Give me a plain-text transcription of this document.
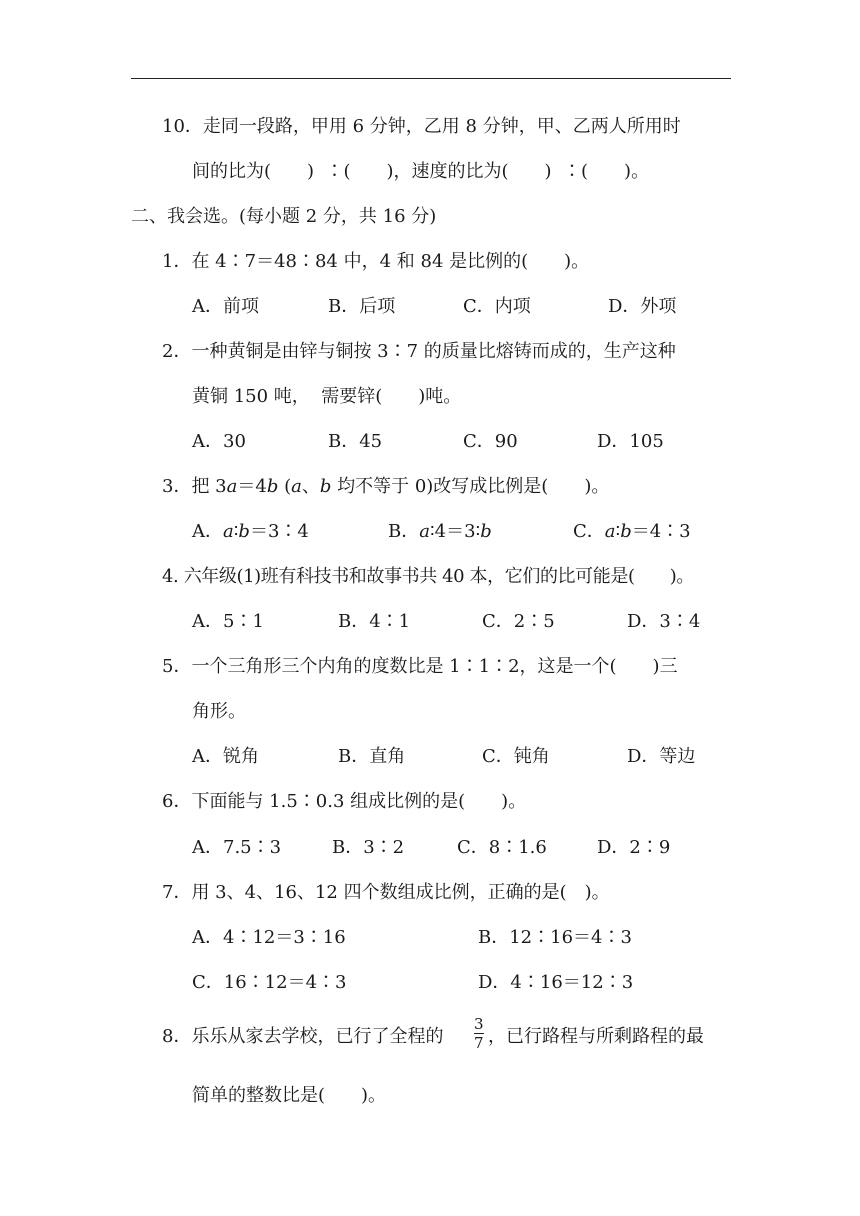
10．走同一段路，甲用 6 分钟，乙用 8 分钟，甲、乙两人所用时
间的比为(　　)  ∶(　　)，速度的比为(　　)  ∶(　　)。
二、我会选。(每小题 2 分，共 16 分)
1．在 4∶7＝48∶84 中，4 和 84 是比例的(　　)。
A．前项	B．后项	C．内项	D．外项
2．一种黄铜是由锌与铜按 3∶7 的质量比熔铸而成的，生产这种
黄铜 150 吨，  需要锌(　　)吨。
A．30	B．45	C．90	D．105
3．把 3a＝4b (a、b 均不等于 0)改写成比例是(　　)。
A．a∶b＝3∶4	B．a∶4＝3∶b	C．a∶b＝4∶3
4. 六年级(1)班有科技书和故事书共 40 本，它们的比可能是(　　)。
A．5∶1	B．4∶1	C．2∶5	D．3∶4
5．一个三角形三个内角的度数比是 1∶1∶2，这是一个(　　)三
角形。
A．锐角	B．直角	C．钝角	D．等边
6．下面能与 1.5∶0.3 组成比例的是(　　)。
A．7.5∶3	B．3∶2	C．8∶1.6	D．2∶9
7．用 3、4、16、12 四个数组成比例，正确的是(　)。
A．4∶12＝3∶16	B．12∶16＝4∶3
C．16∶12＝4∶3	D．4∶16＝12∶3
8．乐乐从家去学校，已行了全程的
3
7 ，已行路程与所剩路程的最
简单的整数比是(　　)。
